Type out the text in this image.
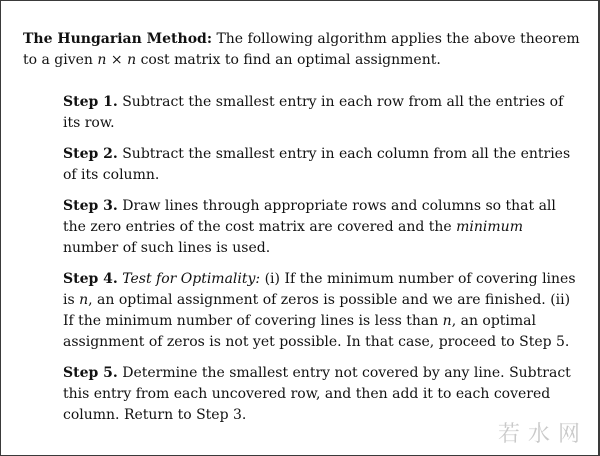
The Hungarian Method: The following algorithm applies the above theorem to a given n × n cost matrix to find an optimal assignment.

Step 1. Subtract the smallest entry in each row from all the entries of its row.

Step 2. Subtract the smallest entry in each column from all the entries of its column.

Step 3. Draw lines through appropriate rows and columns so that all the zero entries of the cost matrix are covered and the minimum number of such lines is used.

Step 4. Test for Optimality: (i) If the minimum number of covering lines is n, an optimal assignment of zeros is possible and we are finished. (ii) If the minimum number of covering lines is less than n, an optimal assignment of zeros is not yet possible. In that case, proceed to Step 5.

Step 5. Determine the smallest entry not covered by any line. Subtract this entry from each uncovered row, and then add it to each covered column. Return to Step 3.

若水网
